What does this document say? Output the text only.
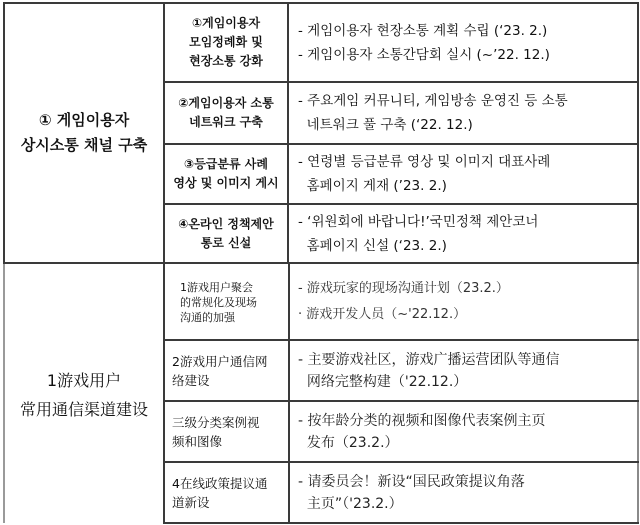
① 게임이용자
상시소통 채널 구축
①게임이용자
모임정례화 및
현장소통 강화
- 게임이용자 현장소통 계획 수립 (‘23. 2.)
- 게임이용자 소통간담회 실시 (~’22. 12.)
②게임이용자 소통
네트워크 구축
- 주요게임 커뮤니티, 게임방송 운영진 등 소통
네트워크 풀 구축 (‘22. 12.)
③등급분류 사례
영상 및 이미지 게시
- 연령별 등급분류 영상 및 이미지 대표사례
홈페이지 게재 (’23. 2.)
④온라인 정책제안
통로 신설
- ‘위원회에 바랍니다!’국민정책 제안코너
홈페이지 신설 (‘23. 2.)
1游戏用户
常用通信渠道建设
1游戏用户聚会
的常规化及现场
沟通的加强
- 游戏玩家的现场沟通计划（23.2.）
· 游戏开发人员（~'22.12.）
2游戏用户通信网
络建设
- 主要游戏社区，游戏广播运营团队等通信
网络完整构建（'22.12.）
三级分类案例视
频和图像
- 按年龄分类的视频和图像代表案例主页
发布（23.2.）
4在线政策提议通
道新设
- 请委员会！新设“国民政策提议角落
主页”（'23.2.）
